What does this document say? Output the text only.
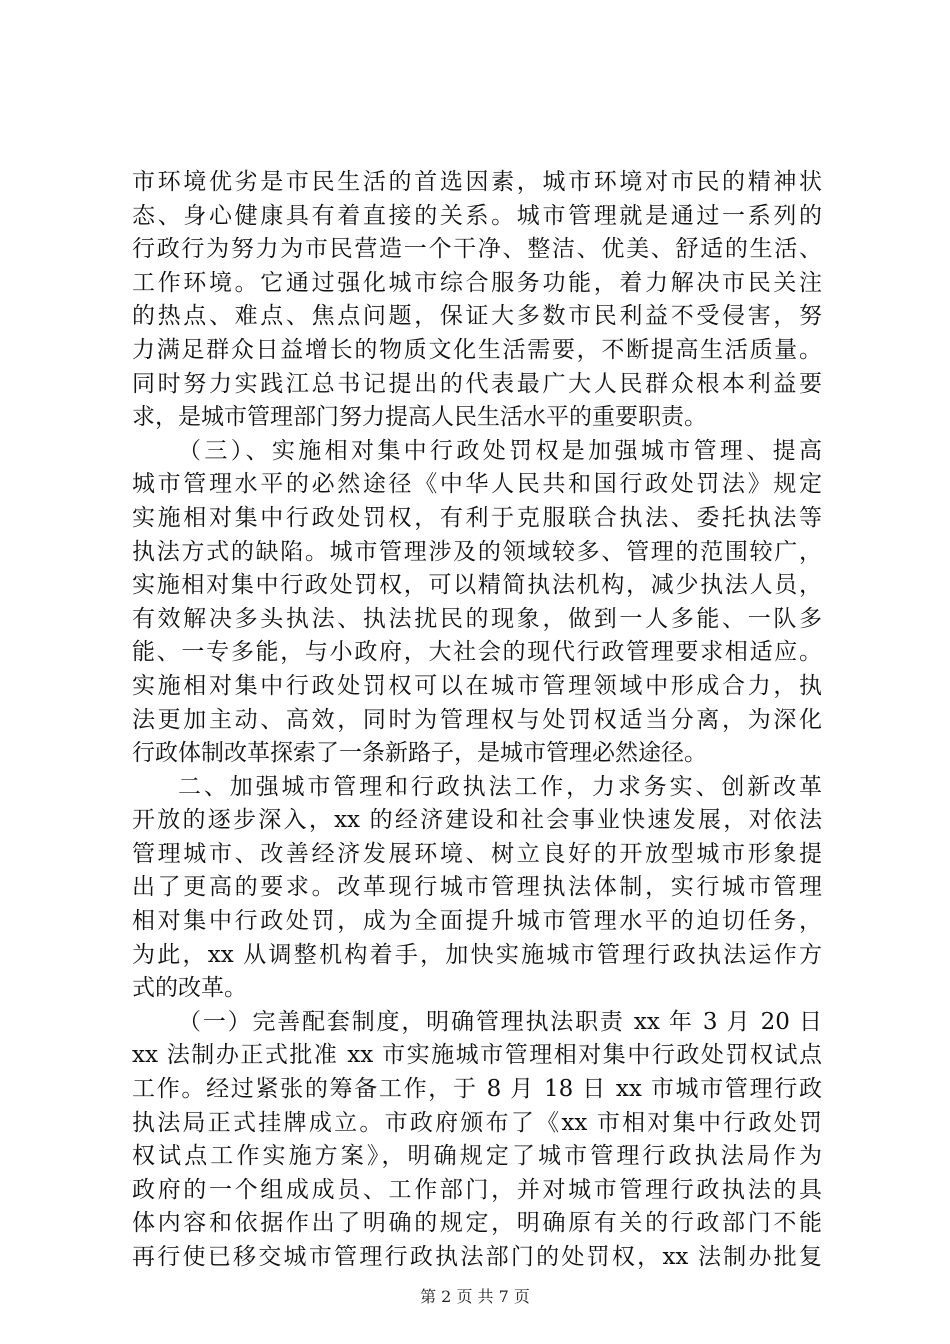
市环境优劣是市民生活的首选因素，城市环境对市民的精神状
态、身心健康具有着直接的关系。城市管理就是通过一系列的
行政行为努力为市民营造一个干净、整洁、优美、舒适的生活、
工作环境。它通过强化城市综合服务功能，着力解决市民关注
的热点、难点、焦点问题，保证大多数市民利益不受侵害，努
力满足群众日益增长的物质文化生活需要，不断提高生活质量。
同时努力实践江总书记提出的代表最广大人民群众根本利益要
求，是城市管理部门努力提高人民生活水平的重要职责。
（三）、实施相对集中行政处罚权是加强城市管理、提高
城市管理水平的必然途径《中华人民共和国行政处罚法》规定
实施相对集中行政处罚权，有利于克服联合执法、委托执法等
执法方式的缺陷。城市管理涉及的领域较多、管理的范围较广，
实施相对集中行政处罚权，可以精简执法机构，减少执法人员，
有效解决多头执法、执法扰民的现象，做到一人多能、一队多
能、一专多能，与小政府，大社会的现代行政管理要求相适应。
实施相对集中行政处罚权可以在城市管理领域中形成合力，执
法更加主动、高效，同时为管理权与处罚权适当分离，为深化
行政体制改革探索了一条新路子，是城市管理必然途径。
二、加强城市管理和行政执法工作，力求务实、创新改革
开放的逐步深入，xx 的经济建设和社会事业快速发展，对依法
管理城市、改善经济发展环境、树立良好的开放型城市形象提
出了更高的要求。改革现行城市管理执法体制，实行城市管理
相对集中行政处罚，成为全面提升城市管理水平的迫切任务，
为此，xx 从调整机构着手，加快实施城市管理行政执法运作方
式的改革。
（一）完善配套制度，明确管理执法职责 xx 年 3 月 20 日
xx 法制办正式批准 xx 市实施城市管理相对集中行政处罚权试点
工作。经过紧张的筹备工作，于 8 月 18 日 xx 市城市管理行政
执法局正式挂牌成立。市政府颁布了《xx 市相对集中行政处罚
权试点工作实施方案》，明确规定了城市管理行政执法局作为
政府的一个组成成员、工作部门，并对城市管理行政执法的具
体内容和依据作出了明确的规定，明确原有关的行政部门不能
再行使已移交城市管理行政执法部门的处罚权，xx 法制办批复
第 2 页 共 7 页
